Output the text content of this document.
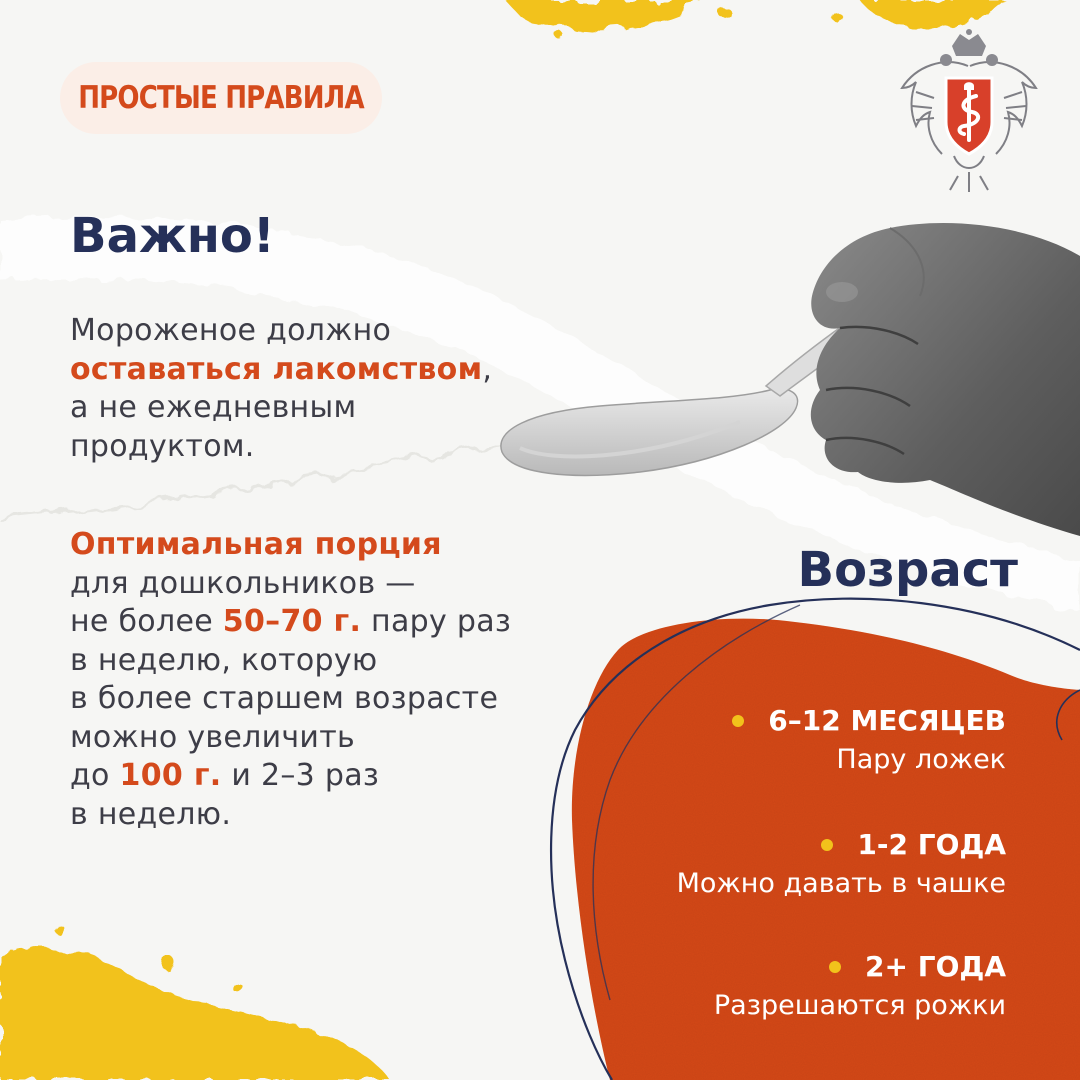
ПРОСТЫЕ ПРАВИЛА
Важно!

Мороженое должно
оставаться лакомством,
а не ежедневным
продуктом.

Оптимальная порция
для дошкольников —
не более 50–70 г. пару раз
в неделю, которую
в более старшем возрасте
можно увеличить
до 100 г. и 2–3 раз
в неделю.

Возраст
6–12 МЕСЯЦЕВ
Пару ложек
1-2 ГОДА
Можно давать в чашке
2+ ГОДА
Разрешаются рожки
